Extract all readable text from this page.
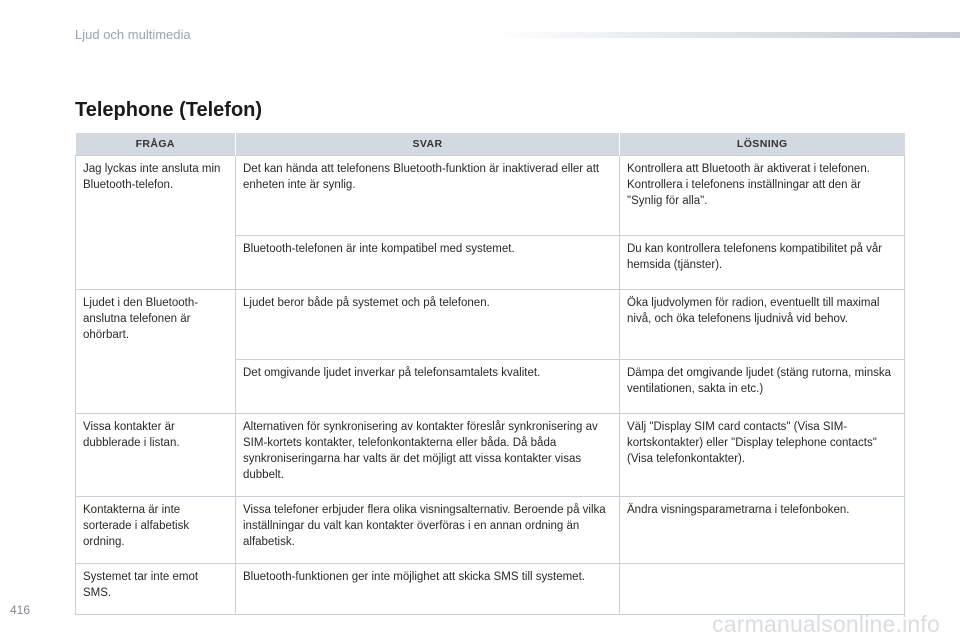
Ljud och multimedia
Telephone (Telefon)
FRÅGA	SVAR	LÖSNING
Jag lyckas inte ansluta min Bluetooth-telefon.	Det kan hända att telefonens Bluetooth-funktion är inaktiverad eller att enheten inte är synlig.	Kontrollera att Bluetooth är aktiverat i telefonen. Kontrollera i telefonens inställningar att den är "Synlig för alla".
	Bluetooth-telefonen är inte kompatibel med systemet.	Du kan kontrollera telefonens kompatibilitet på vår hemsida (tjänster).
Ljudet i den Bluetooth-anslutna telefonen är ohörbart.	Ljudet beror både på systemet och på telefonen.	Öka ljudvolymen för radion, eventuellt till maximal nivå, och öka telefonens ljudnivå vid behov.
	Det omgivande ljudet inverkar på telefonsamtalets kvalitet.	Dämpa det omgivande ljudet (stäng rutorna, minska ventilationen, sakta in etc.)
Vissa kontakter är dubblerade i listan.	Alternativen för synkronisering av kontakter föreslår synkronisering av SIM-kortets kontakter, telefonkontakterna eller båda. Då båda synkroniseringarna har valts är det möjligt att vissa kontakter visas dubbelt.	Välj "Display SIM card contacts" (Visa SIM-kortskontakter) eller "Display telephone contacts" (Visa telefonkontakter).
Kontakterna är inte sorterade i alfabetisk ordning.	Vissa telefoner erbjuder flera olika visningsalternativ. Beroende på vilka inställningar du valt kan kontakter överföras i en annan ordning än alfabetisk.	Ändra visningsparametrarna i telefonboken.
Systemet tar inte emot SMS.	Bluetooth-funktionen ger inte möjlighet att skicka SMS till systemet.	
416
carmanualsonline.info
